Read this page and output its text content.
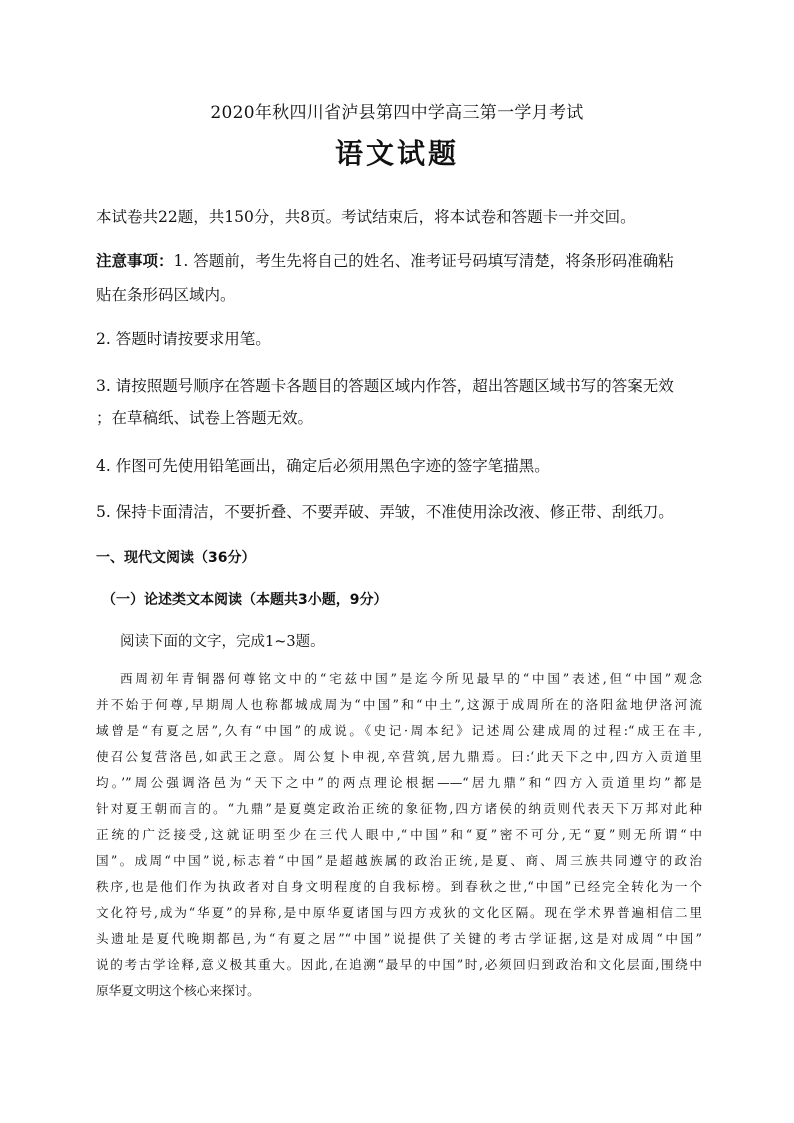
2020年秋四川省泸县第四中学高三第一学月考试
语文试题
本试卷共22题，共150分，共8页。考试结束后，将本试卷和答题卡一并交回。
注意事项：1. 答题前，考生先将自己的姓名、准考证号码填写清楚，将条形码准确粘
贴在条形码区域内。
2. 答题时请按要求用笔。
3. 请按照题号顺序在答题卡各题目的答题区域内作答，超出答题区域书写的答案无效
；在草稿纸、试卷上答题无效。
4. 作图可先使用铅笔画出，确定后必须用黑色字迹的签字笔描黑。
5. 保持卡面清洁，不要折叠、不要弄破、弄皱，不准使用涂改液、修正带、刮纸刀。
一、现代文阅读（36分）
（一）论述类文本阅读（本题共3小题，9分）
阅读下面的文字，完成1~3题。
西周初年青铜器何尊铭文中的“宅兹中国”是迄今所见最早的“中国”表述,但“中国”观念
并不始于何尊,早期周人也称都城成周为“中国”和“中土”,这源于成周所在的洛阳盆地伊洛河流
域曾是“有夏之居”,久有“中国”的成说。《史记·周本纪》记述周公建成周的过程:“成王在丰,
使召公复营洛邑,如武王之意。周公复卜申视,卒营筑,居九鼎焉。曰:‘此天下之中,四方入贡道里
均。’”周公强调洛邑为“天下之中”的两点理论根据——“居九鼎”和“四方入贡道里均”都是
针对夏王朝而言的。“九鼎”是夏奠定政治正统的象征物,四方诸侯的纳贡则代表天下万邦对此种
正统的广泛接受,这就证明至少在三代人眼中,“中国”和“夏”密不可分,无“夏”则无所谓“中
国”。成周“中国”说,标志着“中国”是超越族属的政治正统,是夏、商、周三族共同遵守的政治
秩序,也是他们作为执政者对自身文明程度的自我标榜。到春秋之世,“中国”已经完全转化为一个
文化符号,成为“华夏”的异称,是中原华夏诸国与四方戎狄的文化区隔。现在学术界普遍相信二里
头遗址是夏代晚期都邑,为“有夏之居”“中国”说提供了关键的考古学证据,这是对成周“中国”
说的考古学诠释,意义极其重大。因此,在追溯“最早的中国”时,必须回归到政治和文化层面,围绕中
原华夏文明这个核心来探讨。
